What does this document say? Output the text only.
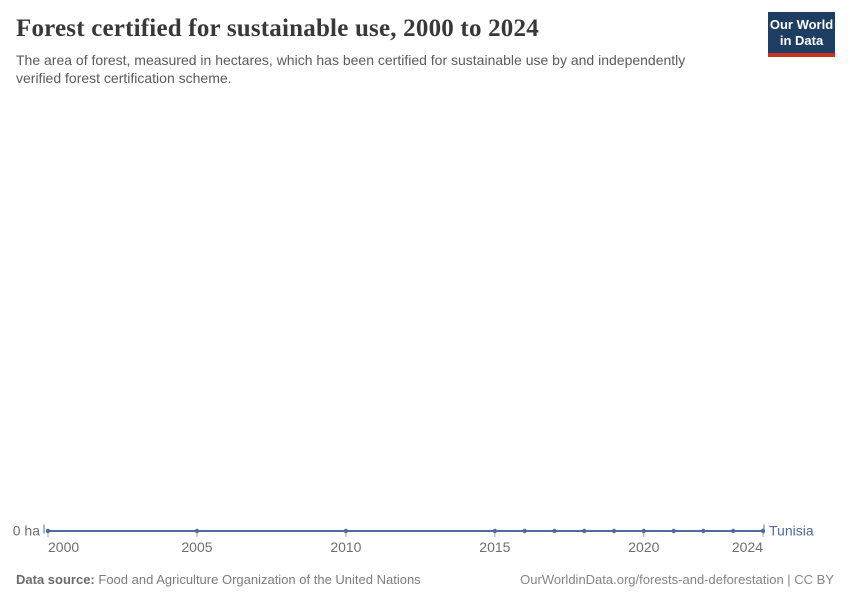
Forest certified for sustainable use, 2000 to 2024

The area of forest, measured in hectares, which has been certified for sustainable use by and independently verified forest certification scheme.

Our World
in Data
2000	2005	2010	2015	2020	2024
0 ha	Tunisia
Data source: Food and Agriculture Organization of the United Nations	OurWorldinData.org/forests-and-deforestation | CC BY
